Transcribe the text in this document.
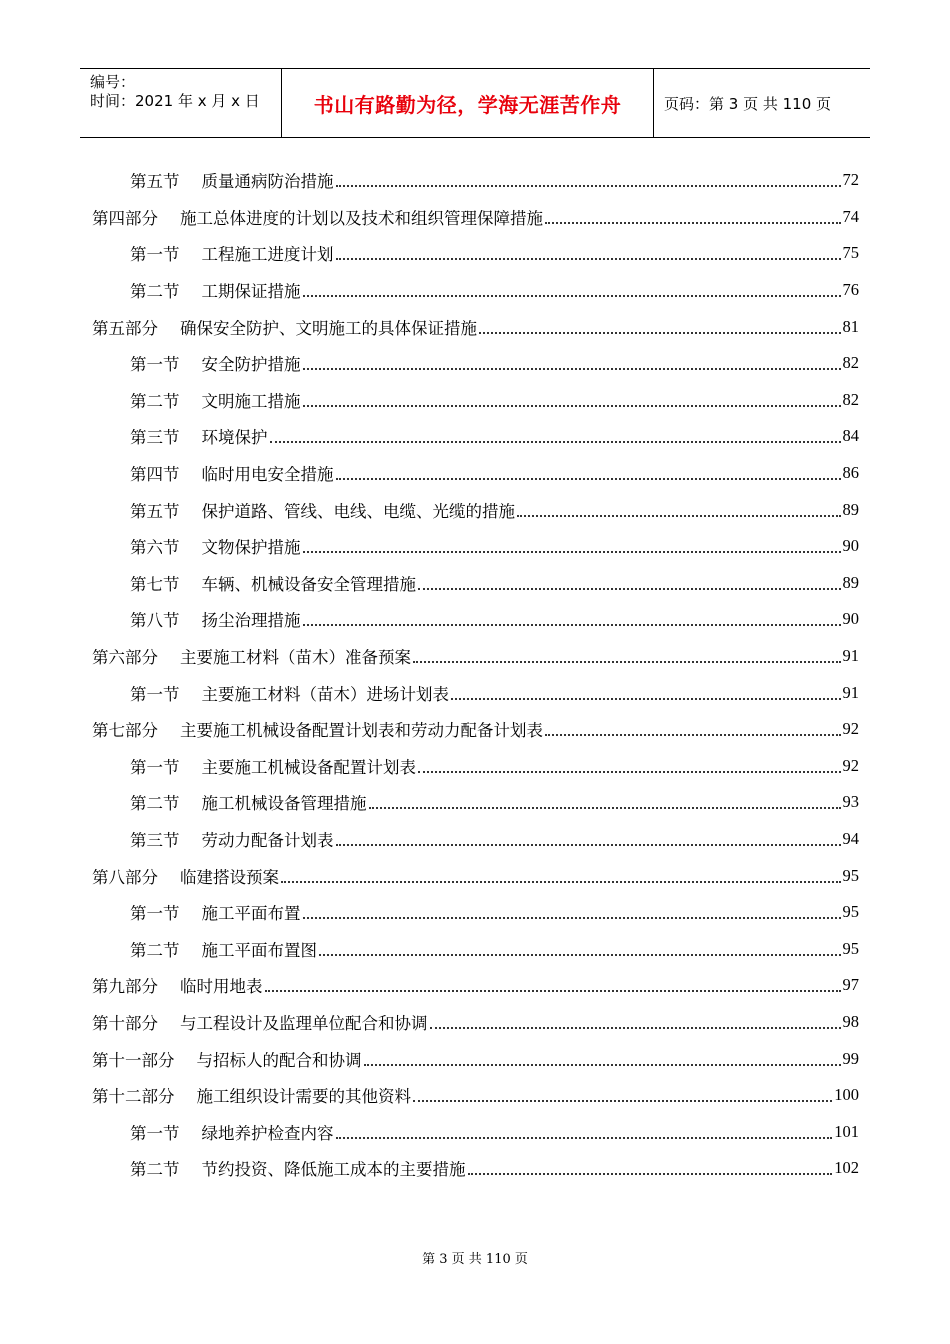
编号：
时间：2021 年 x 月 x 日	书山有路勤为径，学海无涯苦作舟	页码：第 3 页 共 110 页
第五节 质量通病防治措施	72
第四部分 施工总体进度的计划以及技术和组织管理保障措施	74
第一节 工程施工进度计划	75
第二节 工期保证措施	76
第五部分 确保安全防护、文明施工的具体保证措施	81
第一节 安全防护措施	82
第二节 文明施工措施	82
第三节 环境保护	84
第四节 临时用电安全措施	86
第五节 保护道路、管线、电线、电缆、光缆的措施	89
第六节 文物保护措施	90
第七节 车辆、机械设备安全管理措施	89
第八节 扬尘治理措施	90
第六部分 主要施工材料（苗木）准备预案	91
第一节 主要施工材料（苗木）进场计划表	91
第七部分 主要施工机械设备配置计划表和劳动力配备计划表	92
第一节 主要施工机械设备配置计划表	92
第二节 施工机械设备管理措施	93
第三节 劳动力配备计划表	94
第八部分 临建搭设预案	95
第一节 施工平面布置	95
第二节 施工平面布置图	95
第九部分 临时用地表	97
第十部分 与工程设计及监理单位配合和协调	98
第十一部分 与招标人的配合和协调	99
第十二部分 施工组织设计需要的其他资料	100
第一节 绿地养护检查内容	101
第二节 节约投资、降低施工成本的主要措施	102
第 3 页 共 110 页
